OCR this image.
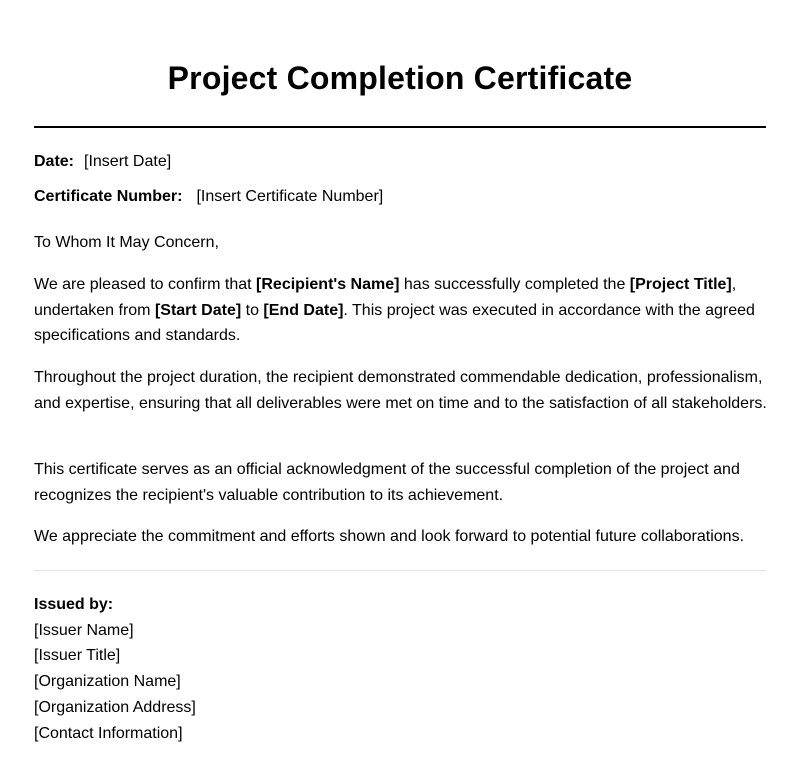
Project Completion Certificate
Date: [Insert Date]
Certificate Number: [Insert Certificate Number]

To Whom It May Concern,

We are pleased to confirm that [Recipient's Name] has successfully completed the [Project Title], undertaken from [Start Date] to [End Date]. This project was executed in accordance with the agreed specifications and standards.

Throughout the project duration, the recipient demonstrated commendable dedication, professionalism, and expertise, ensuring that all deliverables were met on time and to the satisfaction of all stakeholders.

This certificate serves as an official acknowledgment of the successful completion of the project and recognizes the recipient's valuable contribution to its achievement.

We appreciate the commitment and efforts shown and look forward to potential future collaborations.

Issued by:
[Issuer Name]
[Issuer Title]
[Organization Name]
[Organization Address]
[Contact Information]
